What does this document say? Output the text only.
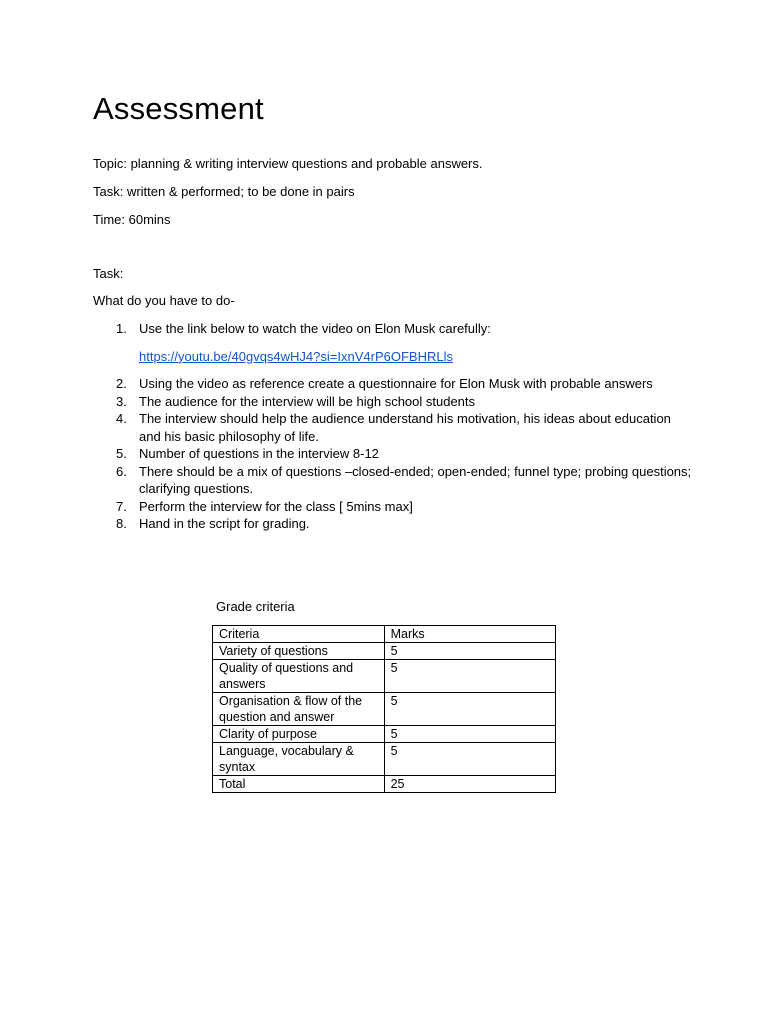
Assessment
Topic: planning & writing interview questions and probable answers.
Task: written & performed; to be done in pairs
Time: 60mins
Task:
What do you have to do-
1. Use the link below to watch the video on Elon Musk carefully:
https://youtu.be/40gvqs4wHJ4?si=IxnV4rP6OFBHRLls
2. Using the video as reference create a questionnaire for Elon Musk with probable answers
3. The audience for the interview will be high school students
4. The interview should help the audience understand his motivation, his ideas about education and his basic philosophy of life.
5. Number of questions in the interview 8-12
6. There should be a mix of questions –closed-ended; open-ended; funnel type; probing questions; clarifying questions.
7. Perform the interview for the class [ 5mins max]
8. Hand in the script for grading.
Grade criteria
Criteria	Marks
Variety of questions	5
Quality of questions and answers	5
Organisation & flow of the question and answer	5
Clarity of purpose	5
Language, vocabulary & syntax	5
Total	25
